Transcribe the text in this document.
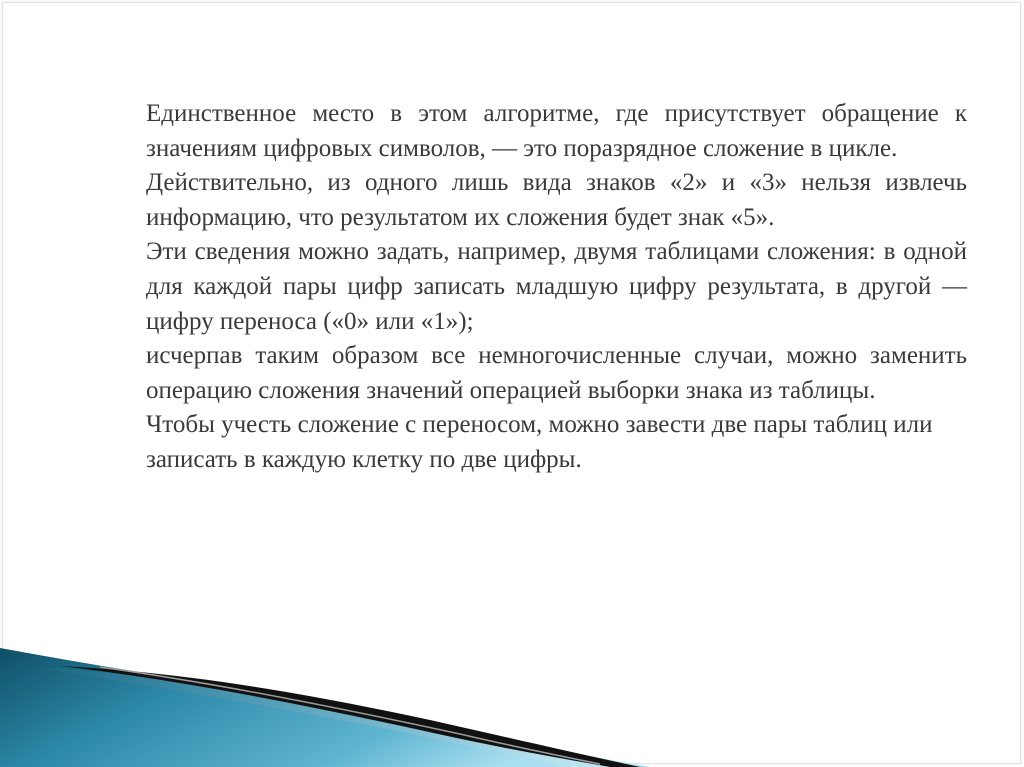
Единственное место в этом алгоритме, где присутствует обращение к значениям цифровых символов, — это поразрядное сложение в цикле.

Действительно, из одного лишь вида знаков «2» и «3» нельзя извлечь информацию, что результатом их сложения будет знак «5».

Эти сведения можно задать, например, двумя таблицами сложения: в одной для каждой пары цифр записать младшую цифру результата, в другой — цифру переноса («0» или «1»);

исчерпав таким образом все немногочисленные случаи, можно заменить операцию сложения значений операцией выборки знака из таблицы.

Чтобы учесть сложение с переносом, можно завести две пары таблиц или записать в каждую клетку по две цифры.
